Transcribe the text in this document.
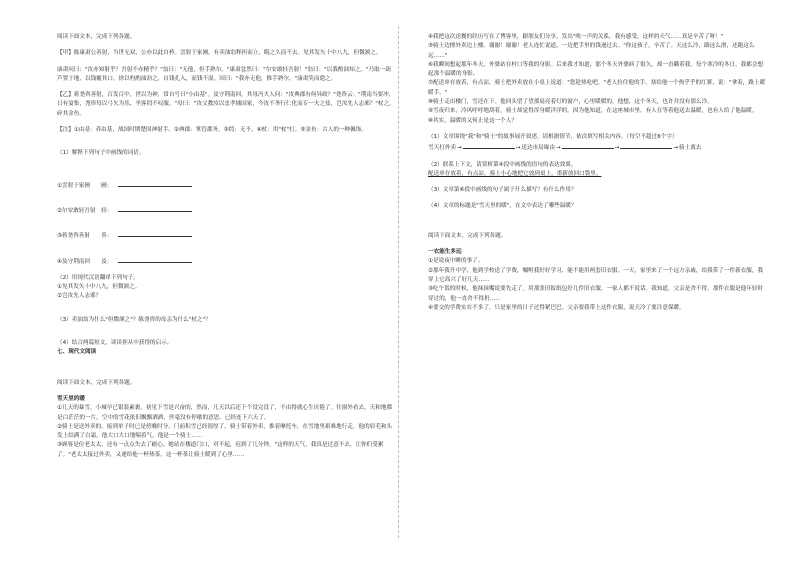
阅读下面文本，完成下列各题。

【甲】陈康肃公善射，当世无双，公亦以此自矜。尝射于家圃，有卖油翁释担而立，睨之久而不去。见其发矢十中八九，但微颔之。

康肃问曰："汝亦知射乎？吾射不亦精乎？"翁曰："无他，但手熟尔。"康肃忿然曰："尔安敢轻吾射！"翁曰："以我酌油知之。"乃取一葫芦置于地，以钱覆其口，徐以杓酌油沥之，自钱孔入，而钱不湿。因曰："我亦无他，惟手熟尔。"康肃笑而遣之。

【乙】蒋尧咨善射，百发百中，世以为神，常自号曰"小由基"。及守荆南回，其母冯夫人问："汝典郡有何异政？"尧咨云："荆南当要冲，日有宴集，尧咨每以弓矢为乐，坐客罔不叹服。"母曰："汝父教汝以忠孝辅国家，今汝不务行仁化而专一夫之伎，岂汝先人志邪？"杖之，碎其金鱼。

【注】①由基：养由基，战国时期楚国神射手。②典郡：掌管郡务。③罔：无不。④杖：用"杖"打。⑤金鱼：古人的一种佩饰。

（1）解释下列句子中画线的词语。

①尝射于家圃　　圃：

②尔安敢轻吾射　轻：

③蒋尧咨善射　　善：

④及守荆南回　　及：

（2）用现代汉语翻译下列句子。

①见其发矢十中八九，但微颔之。

②岂汝先人志邪？

（3）卖油翁为什么"但微颔之"？陈尧咨的母亲为什么"杖之"？

（4）结合两篇短文，谈谈你从中获得的启示。

七、现代文阅读

阅读下面文本，完成下列各题。

雪天里的暖

①几天的暴雪，小城早已银装素裹。初见下雪是兴奋的，然而，几天以后还下个没完没了，不由得就心生厌倦了。往窗外看去，天和地都是白茫茫的一片，空中的雪花依旧飘飘洒洒，丝毫没有停歇的意思。已经连下六天了。

②骑士是送外卖的，接到单子时已是傍晚时分。门前积雪已经很厚了，骑士带着外卖，推着摩托车，在雪地里艰难地行走，他的眉毛和头发上结满了白霜，他大口大口地喘着气，他是一个骑士……

③顾客是位老太太，还有一点点失去了耐心。她站在楼道门口，对不起，迟到了几分钟。"这样的天气，我真是过意不去，让你们受累了。"老太太接过外卖，又递给他一杯热茶，这一杯茶让骑士暖到了心里……

④我把这次送餐的经历写在了博客里，跟朋友们分享，发出"唉一声的关系，我有感受，这样的天气……真是辛苦了呀！"

⑤骑士边擦外卖边上楼。谢谢！谢谢！老人连忙说道，一边把手里的钱递过去。"你这孩子，辛苦了。天这么冷，路这么滑，还跑这么远……"

⑥我瞬间想起那年冬天，外婆站在村口等我的身影。后来我才知道，那个冬天外婆病了很久，却一直瞒着我。每个寒冷的冬日，我都会想起那个温暖的身影。

⑦配送单存放着，有点凉，骑士把外卖放在小桌上说道："您趁热吃吧。"老人拉住他的手，塞给他一个热乎乎的红薯，说："拿着，路上暖暖手。"

⑧骑士走出楼门，雪还在下。他回头望了望那扇亮着灯的窗户，心里暖暖的。他想，这个冬天，也许并没有那么冷。

⑨雪夜归来，冷风呼呼地刮着，骑士却觉得浑身暖洋洋的。因为他知道，在这座城市里，有人在等着他送去温暖，也有人给了他温暖。

⑩其实，温暖的又何止是这一个人？

（1）文章围绕"我"和"骑士"的故事展开叙述，请根据情节，依次填写相关内容。（每空不超过6个字）

雪天打外卖→	→送达市局缘由→	→	→骑士离去

（2）联系上下文，请赏析第④段中画线的语句的表达效果。

配送单存放着，有点凉，骑士小心地把它放到桌上，重新放回口袋里。

（3）文章第⑥段中画线的句子属于什么描写？有什么作用？

（4）文章的标题是"雪天里的暖"，在文中表达了哪些温暖？

阅读下面文本，完成下列各题。

一衣能生多远

①是说夜中睡的事了。

②那年我升中学，他到学校送了学费，嘱咐我好好学习，能不能用两套旧衣服。一天，家里来了一个远方亲戚，给我带了一件新衣服，我穿上它高兴了好几天……

③吃午饭的时候，他抹抹嘴说要先走了。用那张旧报纸包好几件旧衣服，一家人都不说话。我知道，父亲是舍不得，那件衣服是他年轻时穿过的，他一直舍不得扔……

④要交的学费实在不多了，只是家里的日子过得紧巴巴。父亲要我带上这件衣服，说天冷了要注意保暖。
